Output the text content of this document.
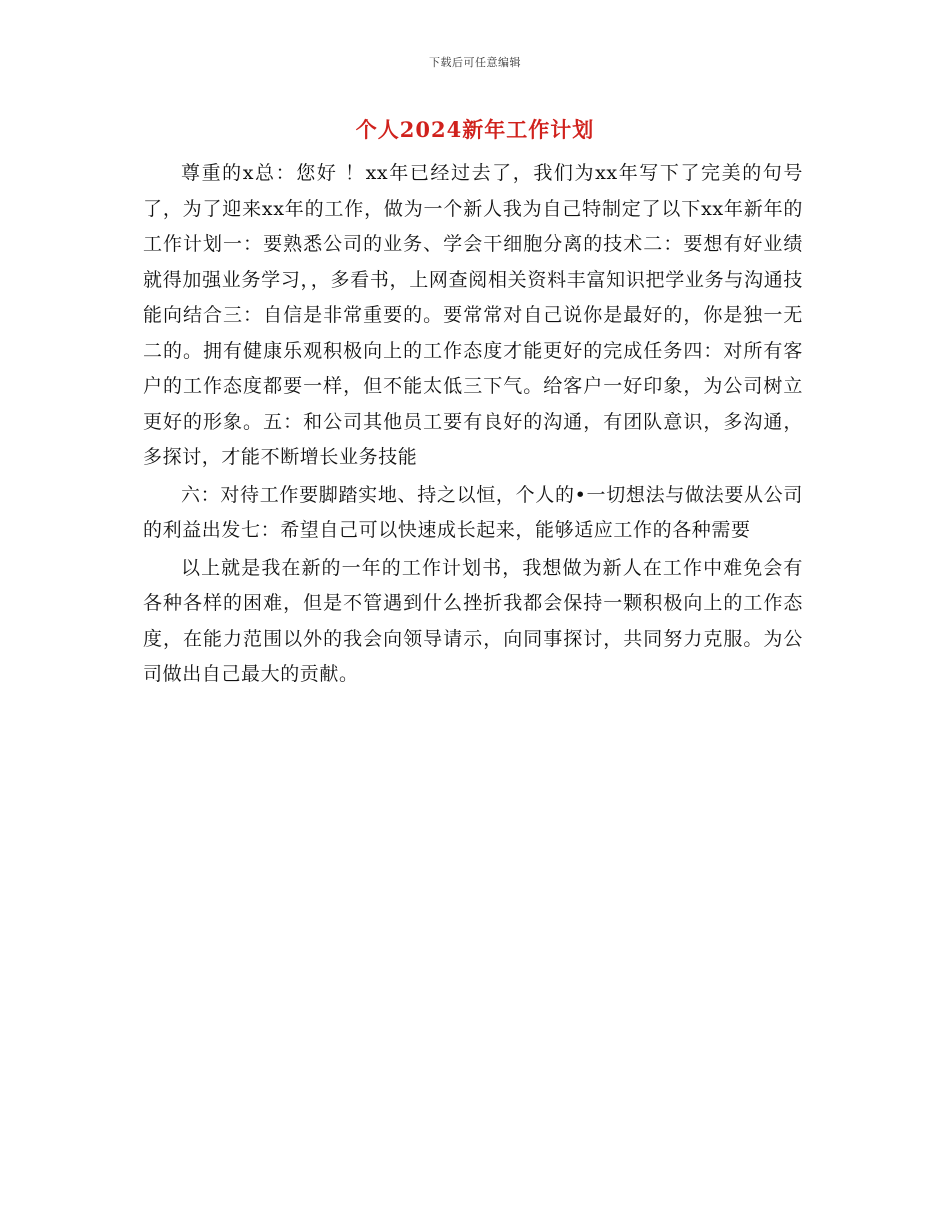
下载后可任意编辑
个人2024新年工作计划

尊重的x总：您好 ！xx年已经过去了，我们为xx年写下了完美的句号了，为了迎来xx年的工作，做为一个新人我为自己特制定了以下xx年新年的工作计划一：要熟悉公司的业务、学会干细胞分离的技术二：要想有好业绩就得加强业务学习，，多看书，上网查阅相关资料丰富知识把学业务与沟通技能向结合三：自信是非常重要的。要常常对自己说你是最好的，你是独一无二的。拥有健康乐观积极向上的工作态度才能更好的完成任务四：对所有客户的工作态度都要一样，但不能太低三下气。给客户一好印象，为公司树立更好的形象。五：和公司其他员工要有良好的沟通，有团队意识，多沟通，多探讨，才能不断增长业务技能

六：对待工作要脚踏实地、持之以恒，个人的•一切想法与做法要从公司的利益出发七：希望自己可以快速成长起来，能够适应工作的各种需要

以上就是我在新的一年的工作计划书，我想做为新人在工作中难免会有各种各样的困难，但是不管遇到什么挫折我都会保持一颗积极向上的工作态度，在能力范围以外的我会向领导请示，向同事探讨，共同努力克服。为公司做出自己最大的贡献。
